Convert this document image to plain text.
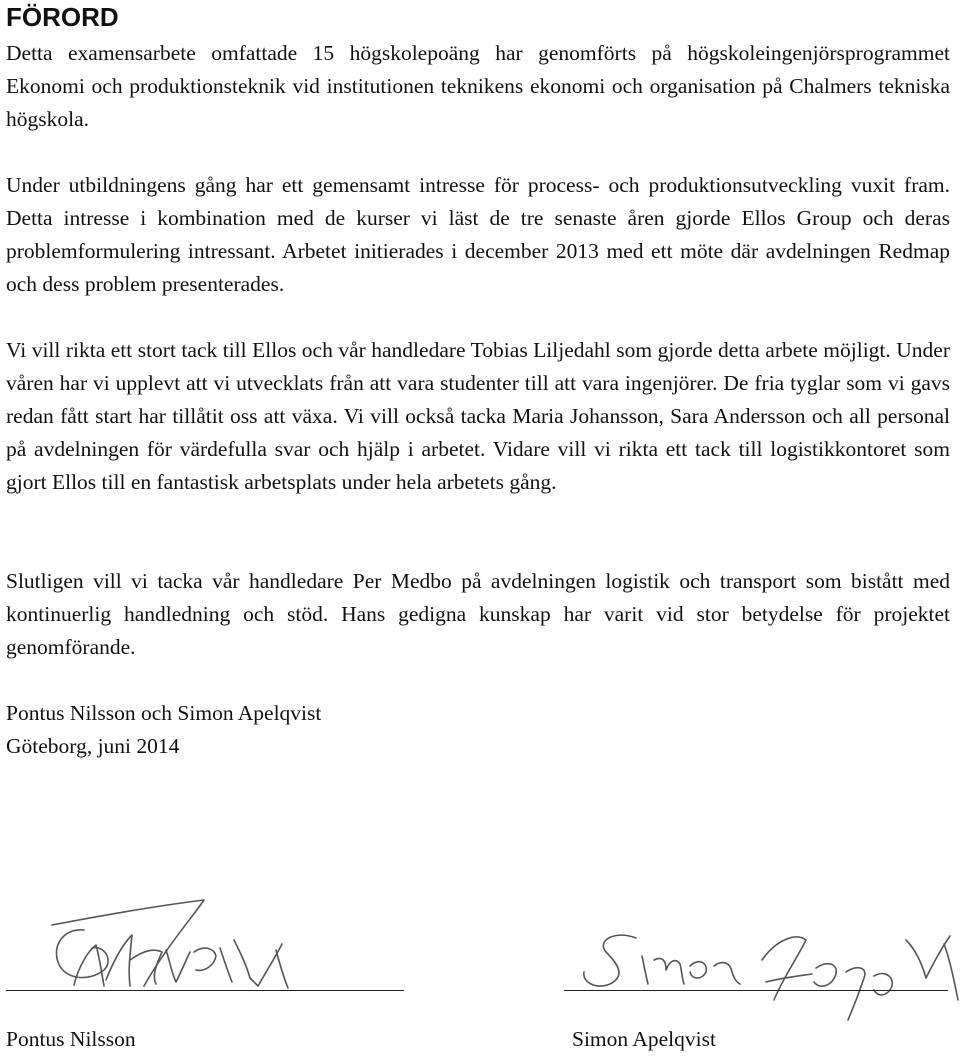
FÖRORD

Detta examensarbete omfattade 15 högskolepoäng har genomförts på högskoleingenjörsprogrammet Ekonomi och produktionsteknik vid institutionen teknikens ekonomi och organisation på Chalmers tekniska högskola.

Under utbildningens gång har ett gemensamt intresse för process- och produktionsutveckling vuxit fram. Detta intresse i kombination med de kurser vi läst de tre senaste åren gjorde Ellos Group och deras problemformulering intressant. Arbetet initierades i december 2013 med ett möte där avdelningen Redmap och dess problem presenterades.

Vi vill rikta ett stort tack till Ellos och vår handledare Tobias Liljedahl som gjorde detta arbete möjligt. Under våren har vi upplevt att vi utvecklats från att vara studenter till att vara ingenjörer. De fria tyglar som vi gavs redan fått start har tillåtit oss att växa. Vi vill också tacka Maria Johansson, Sara Andersson och all personal på avdelningen för värdefulla svar och hjälp i arbetet. Vidare vill vi rikta ett tack till logistikkontoret som gjort Ellos till en fantastisk arbetsplats under hela arbetets gång.

Slutligen vill vi tacka vår handledare Per Medbo på avdelningen logistik och transport som bistått med kontinuerlig handledning och stöd. Hans gedigna kunskap har varit vid stor betydelse för projektet genomförande.

Pontus Nilsson och Simon Apelqvist
Göteborg, juni 2014
Pontus Nilsson	Simon Apelqvist
